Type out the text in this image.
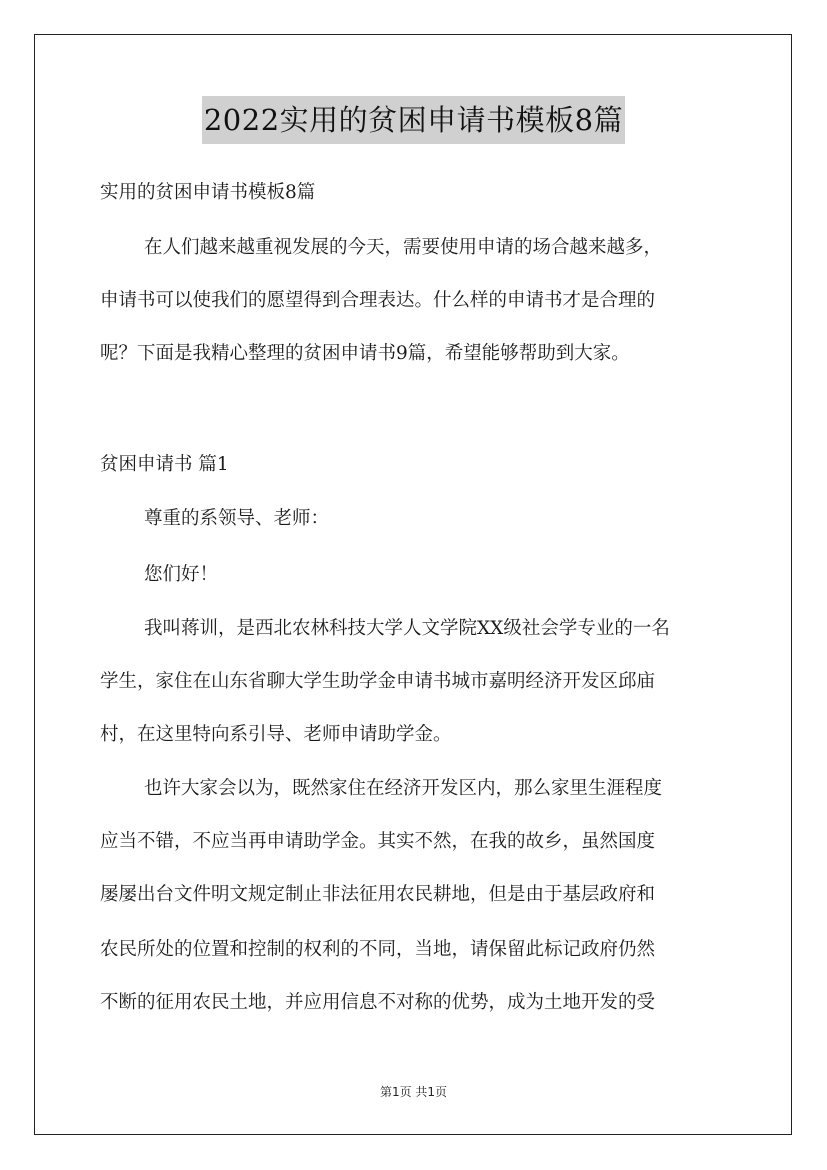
2022实用的贫困申请书模板8篇
实用的贫困申请书模板8篇
在人们越来越重视发展的今天，需要使用申请的场合越来越多，
申请书可以使我们的愿望得到合理表达。什么样的申请书才是合理的
呢？下面是我精心整理的贫困申请书9篇，希望能够帮助到大家。
贫困申请书 篇1
尊重的系领导、老师：
您们好！
我叫蒋训，是西北农林科技大学人文学院XX级社会学专业的一名
学生，家住在山东省聊大学生助学金申请书城市嘉明经济开发区邱庙
村，在这里特向系引导、老师申请助学金。
也许大家会以为，既然家住在经济开发区内，那么家里生涯程度
应当不错，不应当再申请助学金。其实不然，在我的故乡，虽然国度
屡屡出台文件明文规定制止非法征用农民耕地，但是由于基层政府和
农民所处的位置和控制的权利的不同，当地，请保留此标记政府仍然
不断的征用农民土地，并应用信息不对称的优势，成为土地开发的受
第1页 共1页
